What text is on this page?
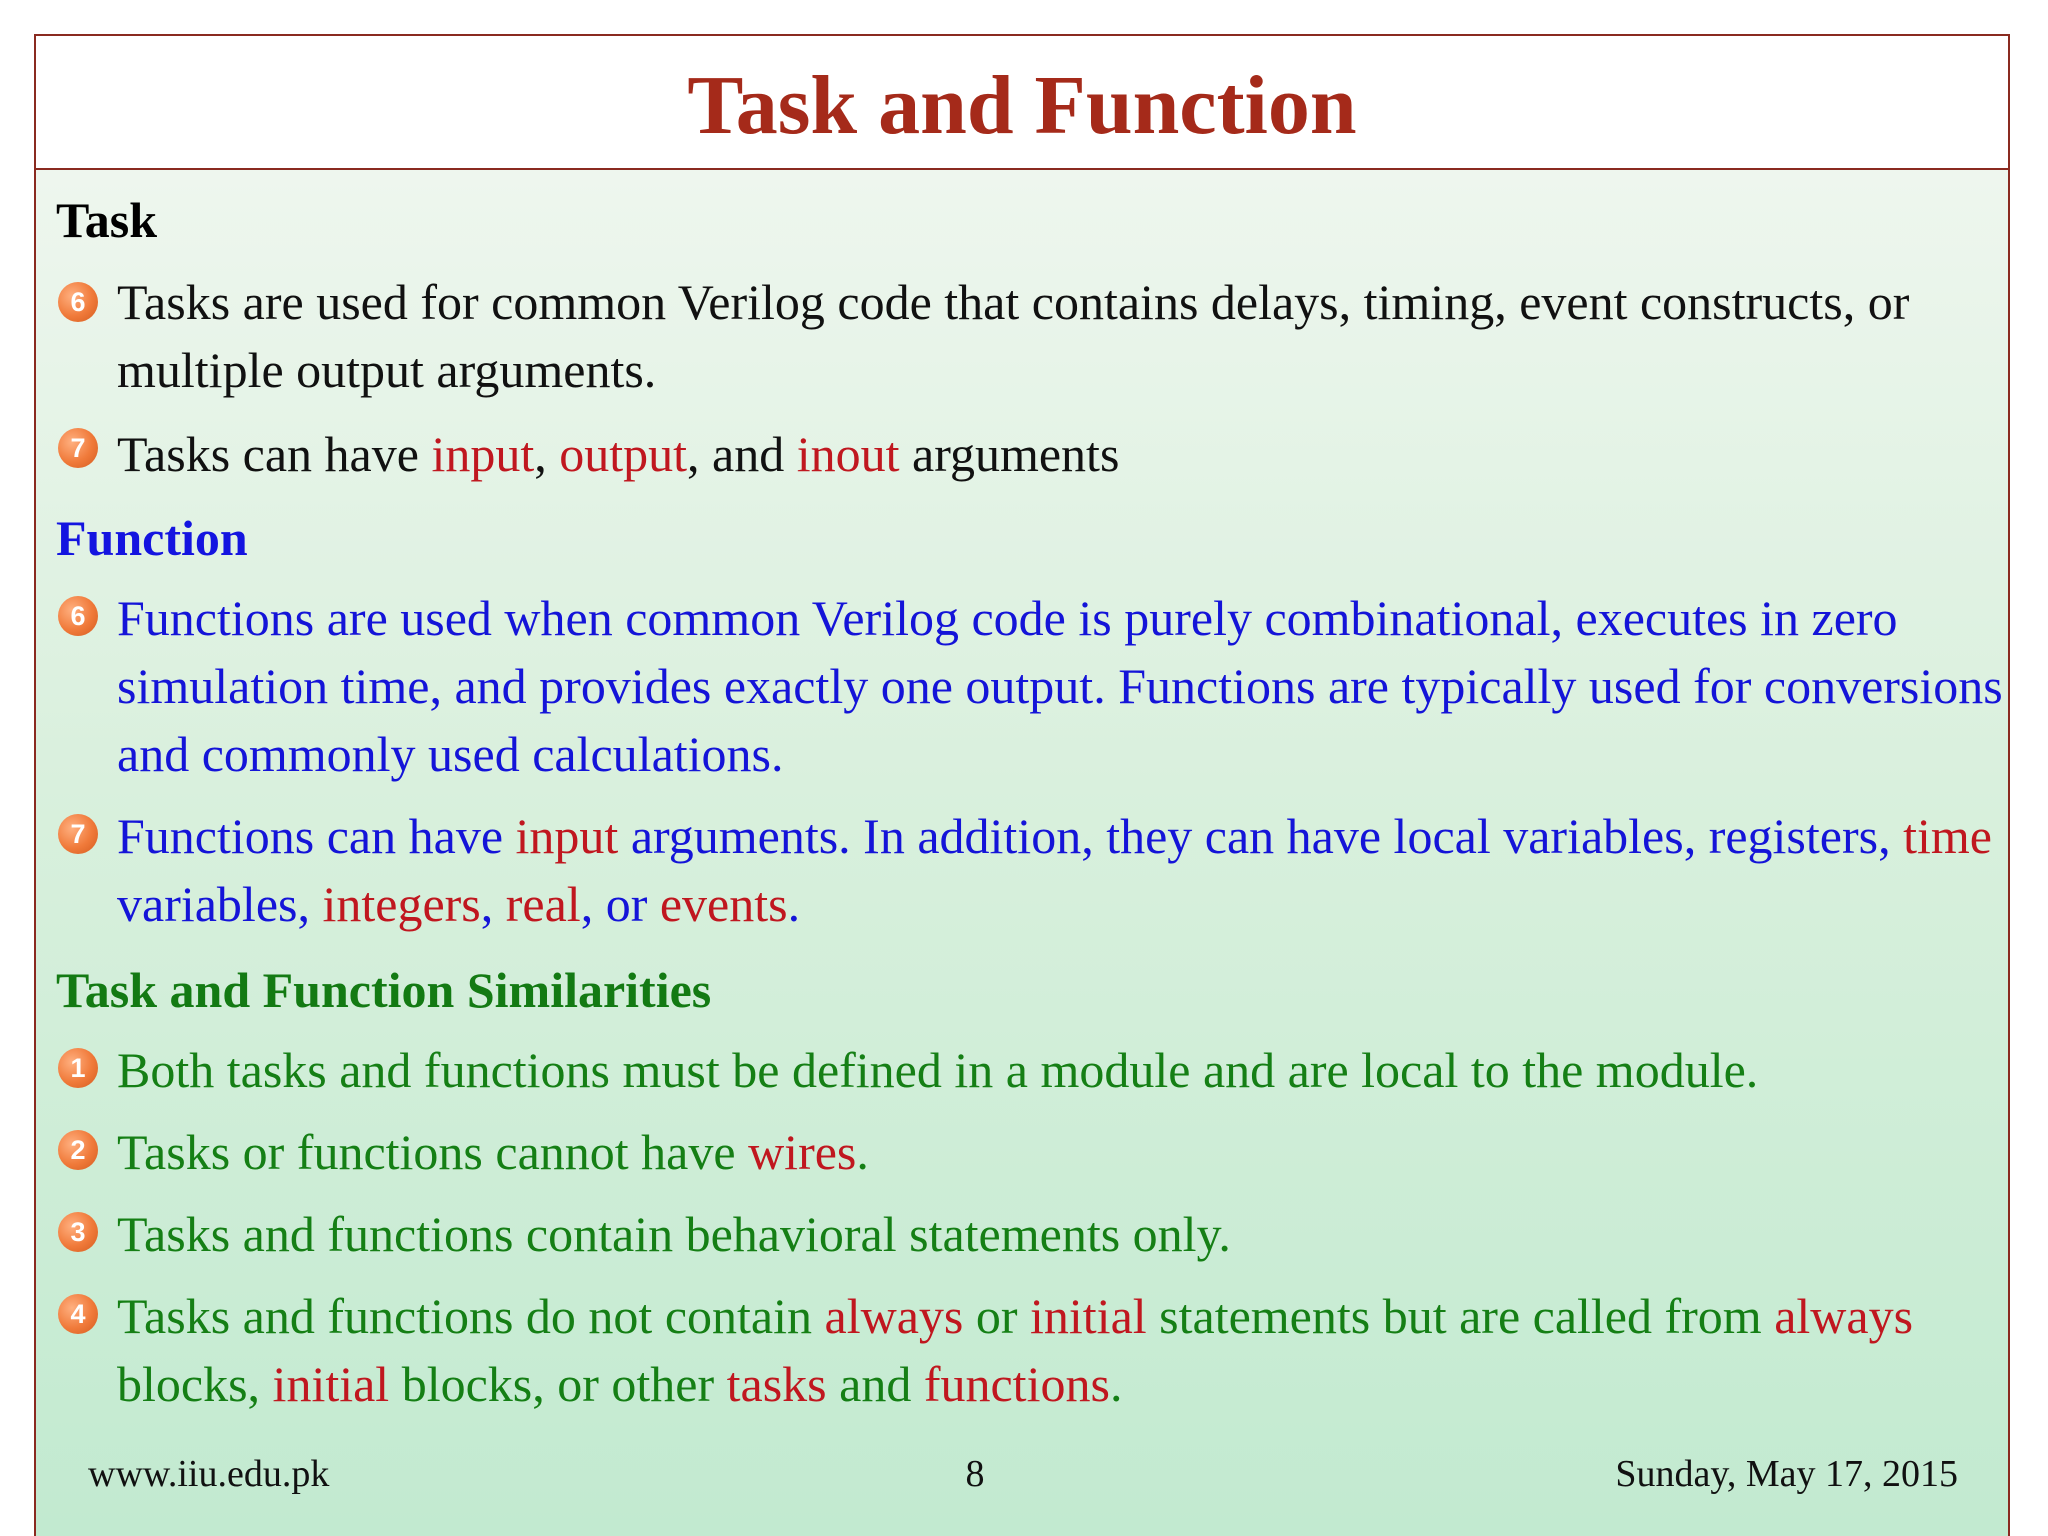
Task and Function
Task
6 Tasks are used for common Verilog code that contains delays, timing, event constructs, or multiple output arguments.
7 Tasks can have input, output, and inout arguments
Function
6 Functions are used when common Verilog code is purely combinational, executes in zero simulation time, and provides exactly one output. Functions are typically used for conversions and commonly used calculations.
7 Functions can have input arguments. In addition, they can have local variables, registers, time variables, integers, real, or events.
Task and Function Similarities
1 Both tasks and functions must be defined in a module and are local to the module.
2 Tasks or functions cannot have wires.
3 Tasks and functions contain behavioral statements only.
4 Tasks and functions do not contain always or initial statements but are called from always blocks, initial blocks, or other tasks and functions.
www.iiu.edu.pk	8	Sunday, May 17, 2015
